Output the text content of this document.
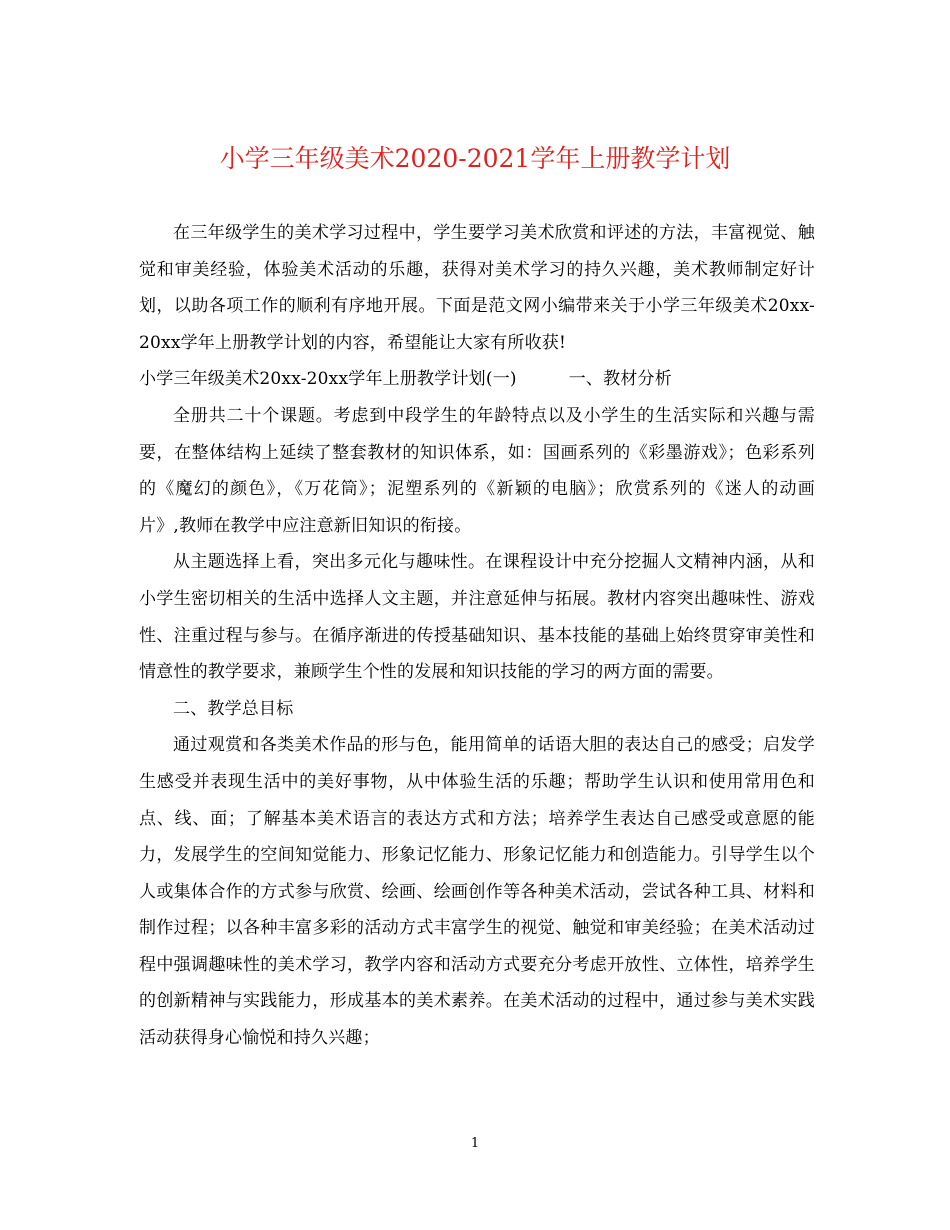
小学三年级美术2020-2021学年上册教学计划

在三年级学生的美术学习过程中，学生要学习美术欣赏和评述的方法，丰富视觉、触觉和审美经验，体验美术活动的乐趣，获得对美术学习的持久兴趣，美术教师制定好计划，以助各项工作的顺利有序地开展。下面是范文网小编带来关于小学三年级美术20xx-20xx学年上册教学计划的内容，希望能让大家有所收获!

小学三年级美术20xx-20xx学年上册教学计划(一)	一、教材分析

全册共二十个课题。考虑到中段学生的年龄特点以及小学生的生活实际和兴趣与需要，在整体结构上延续了整套教材的知识体系，如：国画系列的《彩墨游戏》；色彩系列的《魔幻的颜色》，《万花筒》；泥塑系列的《新颖的电脑》；欣赏系列的《迷人的动画片》,教师在教学中应注意新旧知识的衔接。

从主题选择上看，突出多元化与趣味性。在课程设计中充分挖掘人文精神内涵，从和小学生密切相关的生活中选择人文主题，并注意延伸与拓展。教材内容突出趣味性、游戏性、注重过程与参与。在循序渐进的传授基础知识、基本技能的基础上始终贯穿审美性和情意性的教学要求，兼顾学生个性的发展和知识技能的学习的两方面的需要。

二、教学总目标

通过观赏和各类美术作品的形与色，能用简单的话语大胆的表达自己的感受；启发学生感受并表现生活中的美好事物，从中体验生活的乐趣；帮助学生认识和使用常用色和点、线、面；了解基本美术语言的表达方式和方法；培养学生表达自己感受或意愿的能力，发展学生的空间知觉能力、形象记忆能力、形象记忆能力和创造能力。引导学生以个人或集体合作的方式参与欣赏、绘画、绘画创作等各种美术活动，尝试各种工具、材料和制作过程；以各种丰富多彩的活动方式丰富学生的视觉、触觉和审美经验；在美术活动过程中强调趣味性的美术学习，教学内容和活动方式要充分考虑开放性、立体性，培养学生的创新精神与实践能力，形成基本的美术素养。在美术活动的过程中，通过参与美术实践活动获得身心愉悦和持久兴趣；

1
